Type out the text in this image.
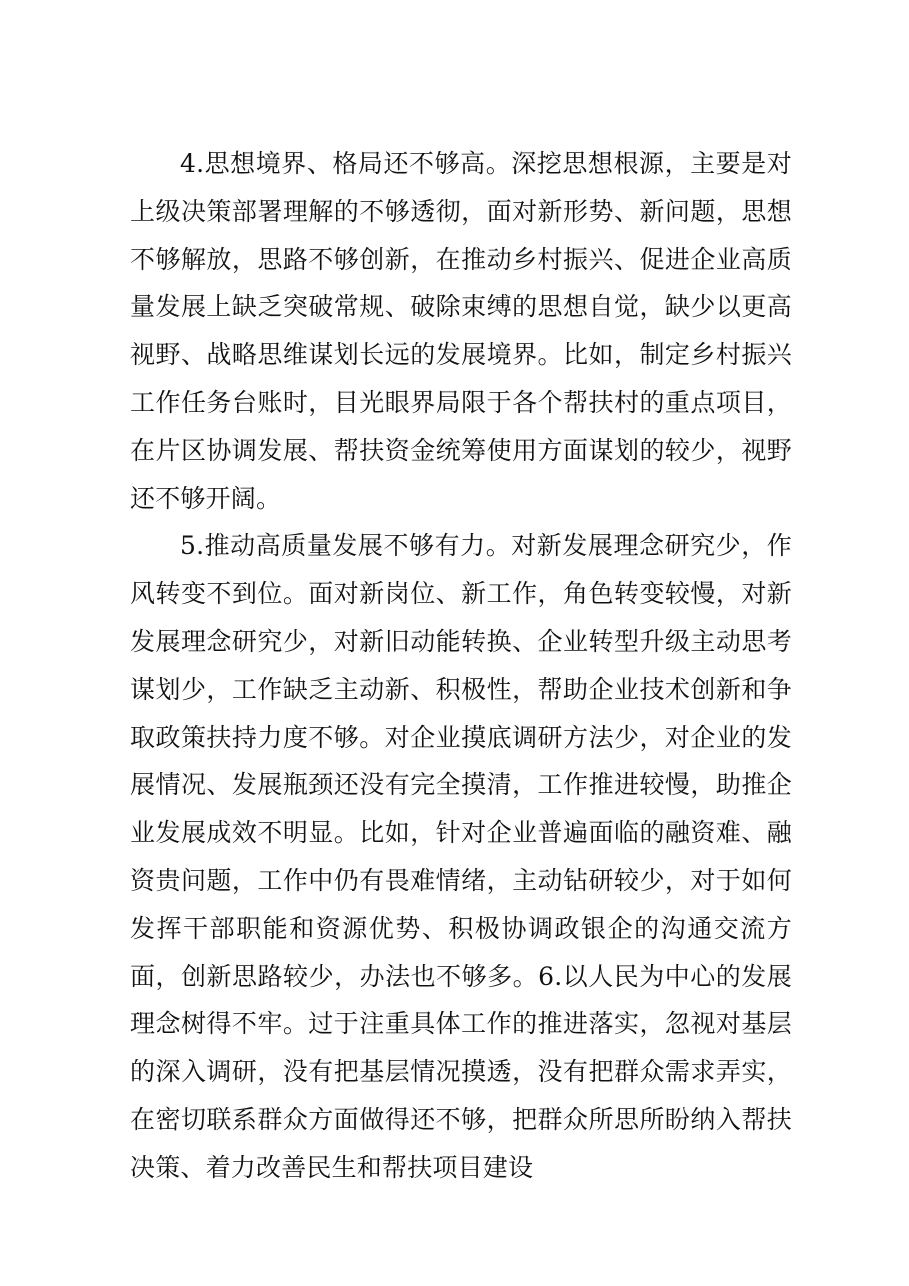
4.思想境界、格局还不够高。深挖思想根源，主要是对上级决策部署理解的不够透彻，面对新形势、新问题，思想不够解放，思路不够创新，在推动乡村振兴、促进企业高质量发展上缺乏突破常规、破除束缚的思想自觉，缺少以更高视野、战略思维谋划长远的发展境界。比如，制定乡村振兴工作任务台账时，目光眼界局限于各个帮扶村的重点项目，在片区协调发展、帮扶资金统筹使用方面谋划的较少，视野还不够开阔。

5.推动高质量发展不够有力。对新发展理念研究少，作风转变不到位。面对新岗位、新工作，角色转变较慢，对新发展理念研究少，对新旧动能转换、企业转型升级主动思考谋划少，工作缺乏主动新、积极性，帮助企业技术创新和争取政策扶持力度不够。对企业摸底调研方法少，对企业的发展情况、发展瓶颈还没有完全摸清，工作推进较慢，助推企业发展成效不明显。比如，针对企业普遍面临的融资难、融资贵问题，工作中仍有畏难情绪，主动钻研较少，对于如何发挥干部职能和资源优势、积极协调政银企的沟通交流方面，创新思路较少，办法也不够多。6.以人民为中心的发展理念树得不牢。过于注重具体工作的推进落实，忽视对基层的深入调研，没有把基层情况摸透，没有把群众需求弄实，在密切联系群众方面做得还不够，把群众所思所盼纳入帮扶决策、着力改善民生和帮扶项目建设
